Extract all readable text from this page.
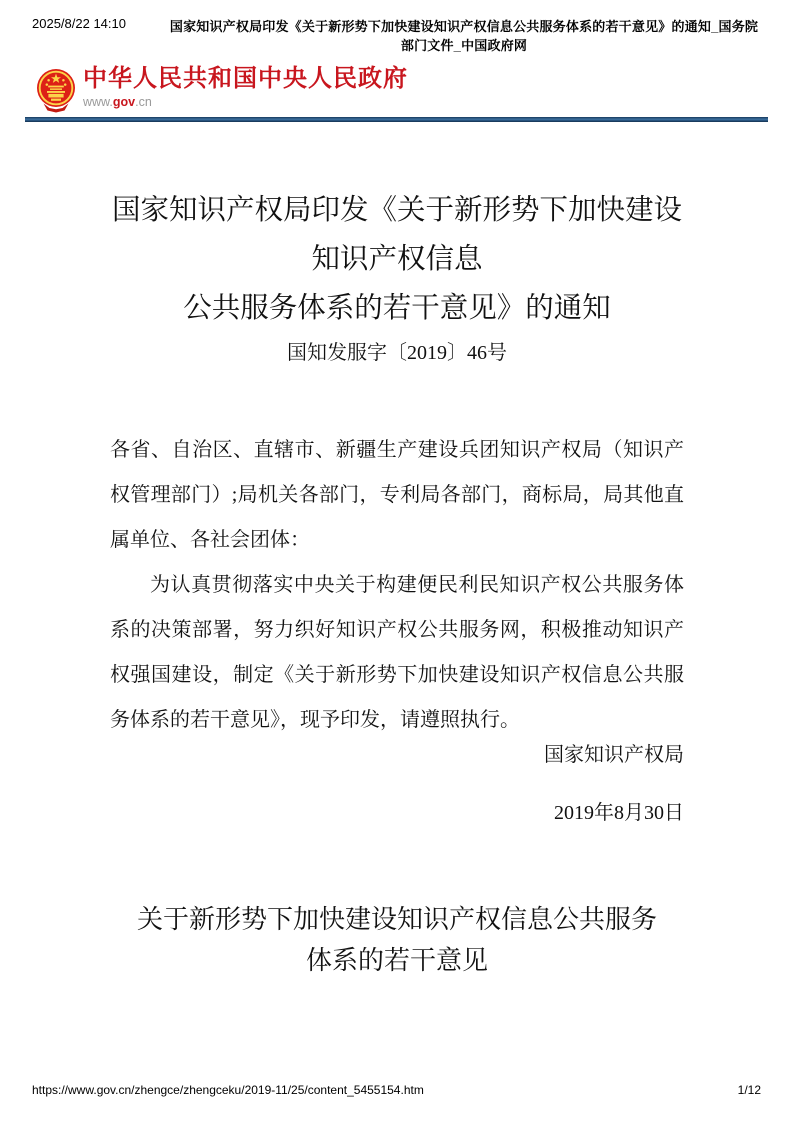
2025/8/22 14:10	国家知识产权局印发《关于新形势下加快建设知识产权信息公共服务体系的若干意见》的通知_国务院部门文件_中国政府网
中华人民共和国中央人民政府
www.gov.cn
国家知识产权局印发《关于新形势下加快建设
知识产权信息
公共服务体系的若干意见》的通知
国知发服字〔2019〕46号

各省、自治区、直辖市、新疆生产建设兵团知识产权局（知识产权管理部门）;局机关各部门，专利局各部门，商标局，局其他直属单位、各社会团体：

为认真贯彻落实中央关于构建便民利民知识产权公共服务体系的决策部署，努力织好知识产权公共服务网，积极推动知识产权强国建设，制定《关于新形势下加快建设知识产权信息公共服务体系的若干意见》，现予印发，请遵照执行。

国家知识产权局
2019年8月30日
关于新形势下加快建设知识产权信息公共服务
体系的若干意见
https://www.gov.cn/zhengce/zhengceku/2019-11/25/content_5455154.htm	1/12
